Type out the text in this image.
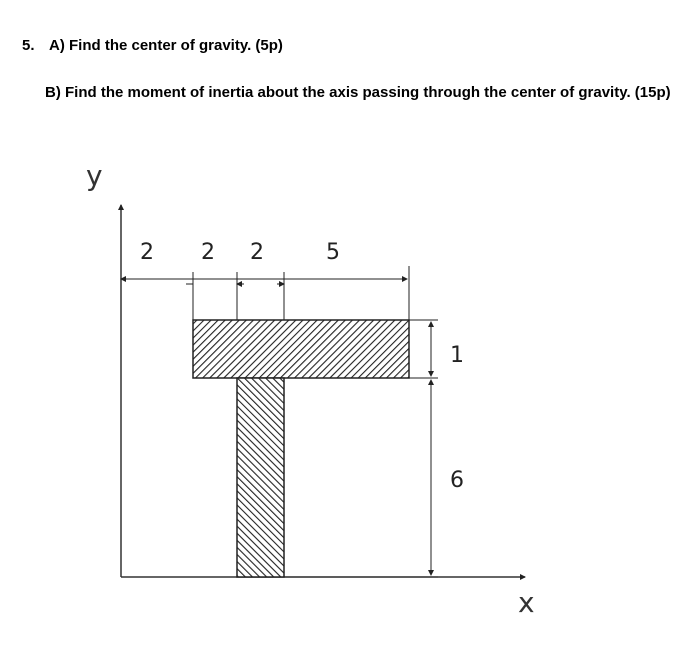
5. A) Find the center of gravity. (5p)
B) Find the moment of inertia about the axis passing through the center of gravity. (15p)
y
x
2 2 2	5
1
6
